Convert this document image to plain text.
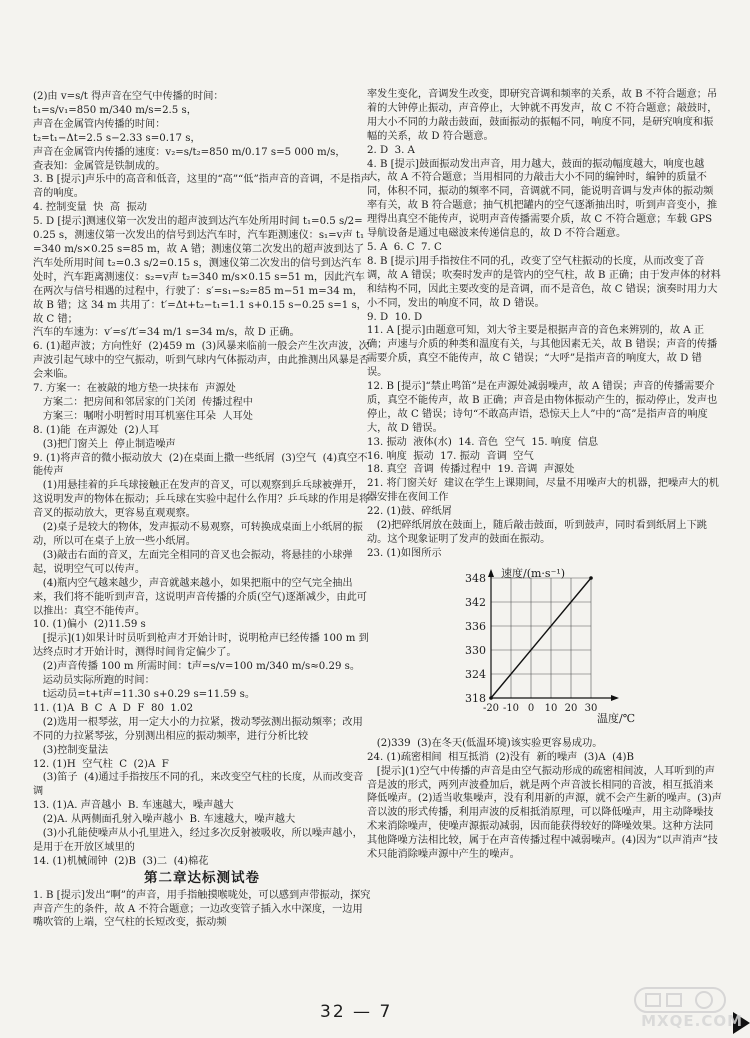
(2)由 v=s/t 得声音在空气中传播的时间：

t₁=s/v₁=850 m/340 m/s=2.5 s，

声音在金属管内传播的时间：

t₂=t₁−Δt=2.5 s−2.33 s=0.17 s，

声音在金属管内传播的速度：v₂=s/t₂=850 m/0.17 s=5 000 m/s，

查表知：金属管是铁制成的。

3. B [提示]声乐中的高音和低音，这里的“高”“低”指声音的音调，不是指声音的响度。

4. 控制变量  快  高  振动

5. D [提示]测速仪第一次发出的超声波到达汽车处所用时间 t₁=0.5 s/2=0.25 s，测速仪第一次发出的信号到达汽车时，汽车距测速仪：s₁=v声 t₁=340 m/s×0.25 s=85 m，故 A 错；测速仪第二次发出的超声波到达了汽车处所用时间 t₂=0.3 s/2=0.15 s，测速仪第二次发出的信号到达汽车处时，汽车距离测速仪：s₂=v声 t₂=340 m/s×0.15 s=51 m，因此汽车在两次与信号相遇的过程中，行驶了：s′=s₁−s₂=85 m−51 m=34 m，故 B 错；这 34 m 共用了：t′=Δt+t₂−t₁=1.1 s+0.15 s−0.25 s=1 s，故 C 错；

汽车的车速为：v′=s′/t′=34 m/1 s=34 m/s，故 D 正确。

6. (1)超声波；方向性好  (2)459 m  (3)风暴来临前一般会产生次声波，次声波引起气球中的空气振动，听到气球内气体振动声，由此推测出风暴是否会来临。

7. 方案一：在被敲的地方垫一块抹布  声源处

方案二：把房间和邻居家的门关闭  传播过程中

方案三：嘱咐小明暂时用耳机塞住耳朵  人耳处

8. (1)能  在声源处  (2)人耳

(3)把门窗关上  停止制造噪声

9. (1)将声音的微小振动放大  (2)在桌面上撒一些纸屑  (3)空气  (4)真空不能传声

(1)用悬挂着的乒乓球接触正在发声的音叉，可以观察到乒乓球被弹开，这说明发声的物体在振动；乒乓球在实验中起什么作用？乒乓球的作用是将音叉的振动放大，更容易直观观察。

(2)桌子是较大的物体，发声振动不易观察，可转换成桌面上小纸屑的振动，所以可在桌子上放一些小纸屑。

(3)敲击右面的音叉，左面完全相同的音叉也会振动，将悬挂的小球弹起，说明空气可以传声。

(4)瓶内空气越来越少，声音就越来越小，如果把瓶中的空气完全抽出来，我们将不能听到声音，这说明声音传播的介质(空气)逐渐减少，由此可以推出：真空不能传声。

10. (1)偏小  (2)11.59 s

[提示](1)如果计时员听到枪声才开始计时，说明枪声已经传播 100 m 到达终点时才开始计时，测得时间肯定偏少了。

(2)声音传播 100 m 所需时间：t声=s/v=100 m/340 m/s≈0.29 s。

运动员实际所跑的时间：

t运动员=t+t声=11.30 s+0.29 s=11.59 s。

11. (1)A  B  C  A  D  F  80  1.02

(2)选用一根琴弦，用一定大小的力拉紧，拨动琴弦测出振动频率；改用不同的力拉紧琴弦，分别测出相应的振动频率，进行分析比较

(3)控制变量法

12. (1)H  空气柱  C  (2)A  F

(3)笛子  (4)通过手指按压不同的孔，来改变空气柱的长度，从而改变音调

13. (1)A. 声音越小  B. 车速越大，噪声越大

(2)A. 从两侧面孔射入噪声越小  B. 车速越大，噪声越大

(3)小孔能使噪声从小孔里进入，经过多次反射被吸收，所以噪声越小，是用于在开放区域里的

14. (1)机械闹钟  (2)B  (3)二  (4)棉花

第二章达标测试卷

1. B [提示]发出“啊”的声音，用手指触摸喉咙处，可以感到声带振动，探究声音产生的条件，故 A 不符合题意；一边改变管子插入水中深度，一边用嘴吹管的上端，空气柱的长短改变，振动频

率发生变化，音调发生改变，即研究音调和频率的关系，故 B 不符合题意；吊着的大钟停止振动，声音停止，大钟就不再发声，故 C 不符合题意；敲鼓时，用大小不同的力敲击鼓面，鼓面振动的振幅不同，响度不同，是研究响度和振幅的关系，故 D 符合题意。

2. D  3. A

4. B [提示]鼓面振动发出声音，用力越大，鼓面的振动幅度越大，响度也越大，故 A 不符合题意；当用相同的力敲击大小不同的编钟时，编钟的质量不同，体积不同，振动的频率不同，音调就不同，能说明音调与发声体的振动频率有关，故 B 符合题意；抽气机把罐内的空气逐渐抽出时，听到声音变小，推理得出真空不能传声，说明声音传播需要介质，故 C 不符合题意；车载 GPS 导航设备是通过电磁波来传递信息的，故 D 不符合题意。

5. A  6. C  7. C

8. B [提示]用手指按住不同的孔，改变了空气柱振动的长度，从而改变了音调，故 A 错误；吹奏时发声的是管内的空气柱，故 B 正确；由于发声体的材料和结构不同，因此主要改变的是音调，而不是音色，故 C 错误；演奏时用力大小不同，发出的响度不同，故 D 错误。

9. D  10. D

11. A [提示]由题意可知，刘大爷主要是根据声音的音色来辨别的，故 A 正确；声速与介质的种类和温度有关，与其他因素无关，故 B 错误；声音的传播需要介质，真空不能传声，故 C 错误；“大呼”是指声音的响度大，故 D 错误。

12. B [提示]“禁止鸣笛”是在声源处减弱噪声，故 A 错误；声音的传播需要介质，真空不能传声，故 B 正确；声音是由物体振动产生的，振动停止，发声也停止，故 C 错误；诗句“不敢高声语，恐惊天上人”中的“高”是指声音的响度大，故 D 错误。

13. 振动  液体(水)  14. 音色  空气  15. 响度  信息

16. 响度  振动  17. 振动  音调  空气

18. 真空  音调  传播过程中  19. 音调  声源处

21. 将门窗关好  建议在学生上课期间，尽量不用噪声大的机器，把噪声大的机器安排在夜间工作

22. (1)鼓、碎纸屑

(2)把碎纸屑放在鼓面上，随后敲击鼓面，听到鼓声，同时看到纸屑上下跳动。这个现象证明了发声的鼓面在振动。

23. (1)如图所示

318
324
330
336
342
348
-20 -10 0 10 20 30
速度/(m·s⁻¹)
温度/℃

(2)339  (3)在冬天(低温环境)该实验更容易成功。

24. (1)疏密相间  相互抵消  (2)没有  新的噪声  (3)A  (4)B

[提示](1)空气中传播的声音是由空气振动形成的疏密相间波，人耳听到的声音是波的形式，两列声波叠加后，就是两个声音波长相同的音波，相互抵消来降低噪声。(2)适当收集噪声，没有利用新的声源，就不会产生新的噪声。(3)声音以波的形式传播，利用声波的反相抵消原理，可以降低噪声，用主动降噪技术来消除噪声，使噪声源振动减弱，因而能获得较好的降噪效果。这种方法同其他降噪方法相比较，属于在声音传播过程中减弱噪声。(4)因为“以声消声”技术只能消除噪声源中产生的噪声。

32 — 7	MXQE.COM
